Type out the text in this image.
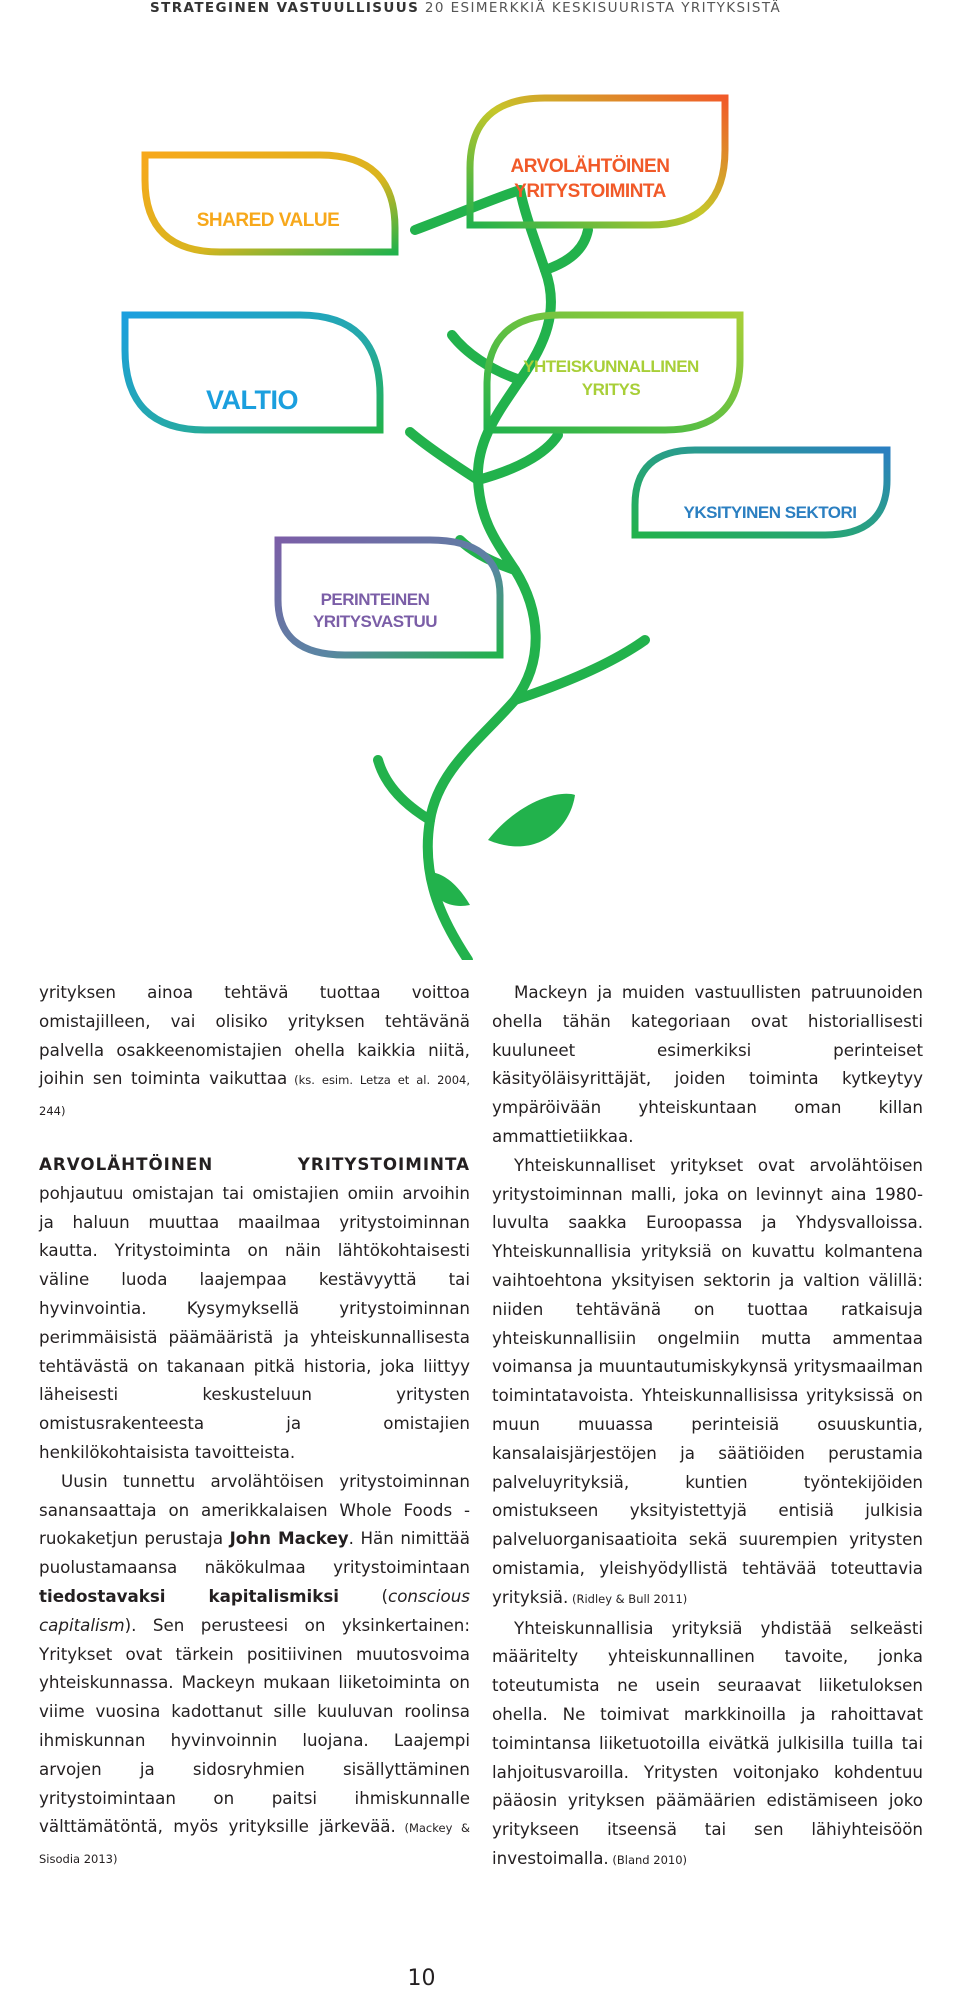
STRATEGINEN VASTUULLISUUS 20 ESIMERKKIÄ KESKISUURISTA YRITYKSISTÄ
SHARED VALUE
ARVOLÄHTÖINEN
YRITYSTOIMINTA
VALTIO
YHTEISKUNNALLINEN
YRITYS
YKSITYINEN SEKTORI
PERINTEINEN
YRITYSVASTUU

yrityksen ainoa tehtävä tuottaa voittoa omistajilleen, vai olisiko yrityksen tehtävänä palvella osakkeenomistajien ohella kaikkia niitä, joihin sen toiminta vaikuttaa (ks. esim. Letza et al. 2004, 244)

ARVOLÄHTÖINEN YRITYSTOIMINTA pohjautuu omistajan tai omistajien omiin arvoihin ja haluun muuttaa maailmaa yritystoiminnan kautta. Yritystoiminta on näin lähtökohtaisesti väline luoda laajempaa kestävyyttä tai hyvinvointia. Kysymyksellä yritystoiminnan perimmäisistä päämääristä ja yhteiskunnallisesta tehtävästä on takanaan pitkä historia, joka liittyy läheisesti keskusteluun yritysten omistusrakenteesta ja omistajien henkilökohtaisista tavoitteista.

Uusin tunnettu arvolähtöisen yritystoiminnan sanansaattaja on amerikkalaisen Whole Foods -ruokaketjun perustaja John Mackey. Hän nimittää puolustamaansa näkökulmaa yritystoimintaan tiedostavaksi kapitalismiksi (conscious capitalism). Sen perusteesi on yksinkertainen: Yritykset ovat tärkein positiivinen muutosvoima yhteiskunnassa. Mackeyn mukaan liiketoiminta on viime vuosina kadottanut sille kuuluvan roolinsa ihmiskunnan hyvinvoinnin luojana. Laajempi arvojen ja sidosryhmien sisällyttäminen yritystoimintaan on paitsi ihmiskunnalle välttämätöntä, myös yrityksille järkevää. (Mackey & Sisodia 2013)

Mackeyn ja muiden vastuullisten patruunoiden ohella tähän kategoriaan ovat historiallisesti kuuluneet esimerkiksi perinteiset käsityöläisyrittäjät, joiden toiminta kytkeytyy ympäröivään yhteiskuntaan oman killan ammattietiikkaa.

Yhteiskunnalliset yritykset ovat arvolähtöisen yritystoiminnan malli, joka on levinnyt aina 1980-luvulta saakka Euroopassa ja Yhdysvalloissa. Yhteiskunnallisia yrityksiä on kuvattu kolmantena vaihtoehtona yksityisen sektorin ja valtion välillä: niiden tehtävänä on tuottaa ratkaisuja yhteiskunnallisiin ongelmiin mutta ammentaa voimansa ja muuntautumiskykynsä yritysmaailman toimintatavoista. Yhteiskunnallisissa yrityksissä on muun muuassa perinteisiä osuuskuntia, kansalaisjärjestöjen ja säätiöiden perustamia palveluyrityksiä, kuntien työntekijöiden omistukseen yksityistettyjä entisiä julkisia palveluorganisaatioita sekä suurempien yritysten omistamia, yleishyödyllistä tehtävää toteuttavia yrityksiä. (Ridley & Bull 2011)

Yhteiskunnallisia yrityksiä yhdistää selkeästi määritelty yhteiskunnallinen tavoite, jonka toteutumista ne usein seuraavat liiketuloksen ohella. Ne toimivat markkinoilla ja rahoittavat toimintansa liiketuotoilla eivätkä julkisilla tuilla tai lahjoitusvaroilla. Yritysten voitonjako kohdentuu pääosin yrityksen päämäärien edistämiseen joko yritykseen itseensä tai sen lähiyhteisöön investoimalla. (Bland 2010)

10
